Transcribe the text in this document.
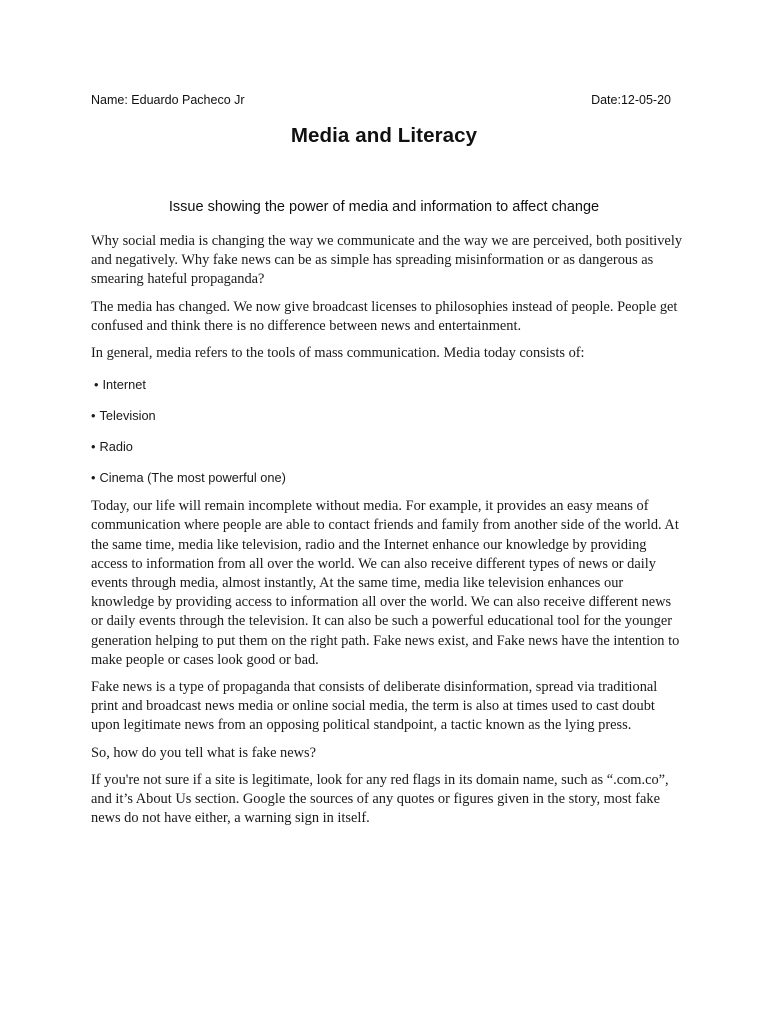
Name: Eduardo Pacheco Jr	Date:12-05-20
Media and Literacy
Issue showing the power of media and information to affect change

Why social media is changing the way we communicate and the way we are perceived, both positively and negatively. Why fake news can be as simple has spreading misinformation or as dangerous as smearing hateful propaganda?

The media has changed. We now give broadcast licenses to philosophies instead of people. People get confused and think there is no difference between news and entertainment.

In general, media refers to the tools of mass communication. Media today consists of:

• Internet
• Television
• Radio
• Cinema (The most powerful one)

Today, our life will remain incomplete without media. For example, it provides an easy means of communication where people are able to contact friends and family from another side of the world. At the same time, media like television, radio and the Internet enhance our knowledge by providing access to information from all over the world. We can also receive different types of news or daily events through media, almost instantly, At the same time, media like television enhances our knowledge by providing access to information all over the world. We can also receive different news or daily events through the television. It can also be such a powerful educational tool for the younger generation helping to put them on the right path. Fake news exist, and Fake news have the intention to make people or cases look good or bad.

Fake news is a type of propaganda that consists of deliberate disinformation, spread via traditional print and broadcast news media or online social media, the term is also at times used to cast doubt upon legitimate news from an opposing political standpoint, a tactic known as the lying press.

So, how do you tell what is fake news?

If you're not sure if a site is legitimate, look for any red flags in its domain name, such as “.com.co”, and it’s About Us section. Google the sources of any quotes or figures given in the story, most fake news do not have either, a warning sign in itself.
